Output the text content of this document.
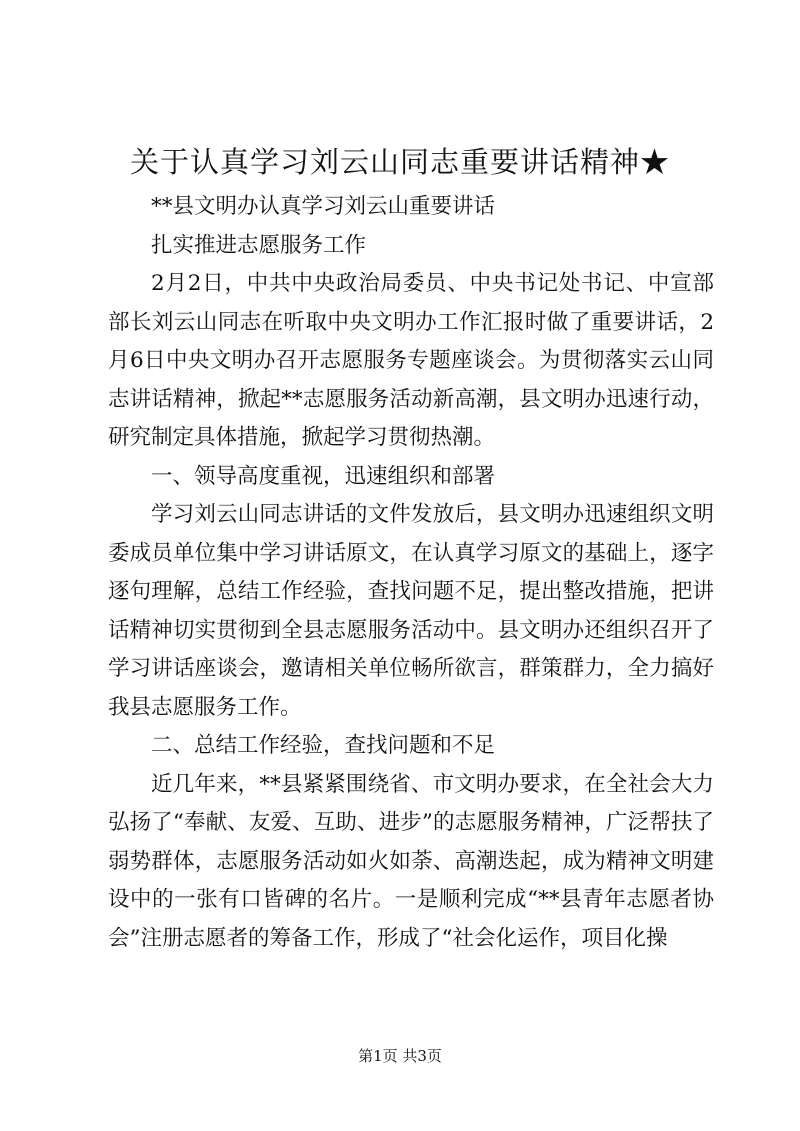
关于认真学习刘云山同志重要讲话精神★

**县文明办认真学习刘云山重要讲话

扎实推进志愿服务工作

2月2日，中共中央政治局委员、中央书记处书记、中宣部部长刘云山同志在听取中央文明办工作汇报时做了重要讲话，2月6日中央文明办召开志愿服务专题座谈会。为贯彻落实云山同志讲话精神，掀起**志愿服务活动新高潮，县文明办迅速行动，研究制定具体措施，掀起学习贯彻热潮。

一、领导高度重视，迅速组织和部署

学习刘云山同志讲话的文件发放后，县文明办迅速组织文明委成员单位集中学习讲话原文，在认真学习原文的基础上，逐字逐句理解，总结工作经验，查找问题不足，提出整改措施，把讲话精神切实贯彻到全县志愿服务活动中。县文明办还组织召开了学习讲话座谈会，邀请相关单位畅所欲言，群策群力，全力搞好我县志愿服务工作。

二、总结工作经验，查找问题和不足

近几年来，**县紧紧围绕省、市文明办要求，在全社会大力弘扬了“奉献、友爱、互助、进步”的志愿服务精神，广泛帮扶了弱势群体，志愿服务活动如火如荼、高潮迭起，成为精神文明建设中的一张有口皆碑的名片。一是顺利完成“**县青年志愿者协会”注册志愿者的筹备工作，形成了“社会化运作，项目化操

第1页 共3页
